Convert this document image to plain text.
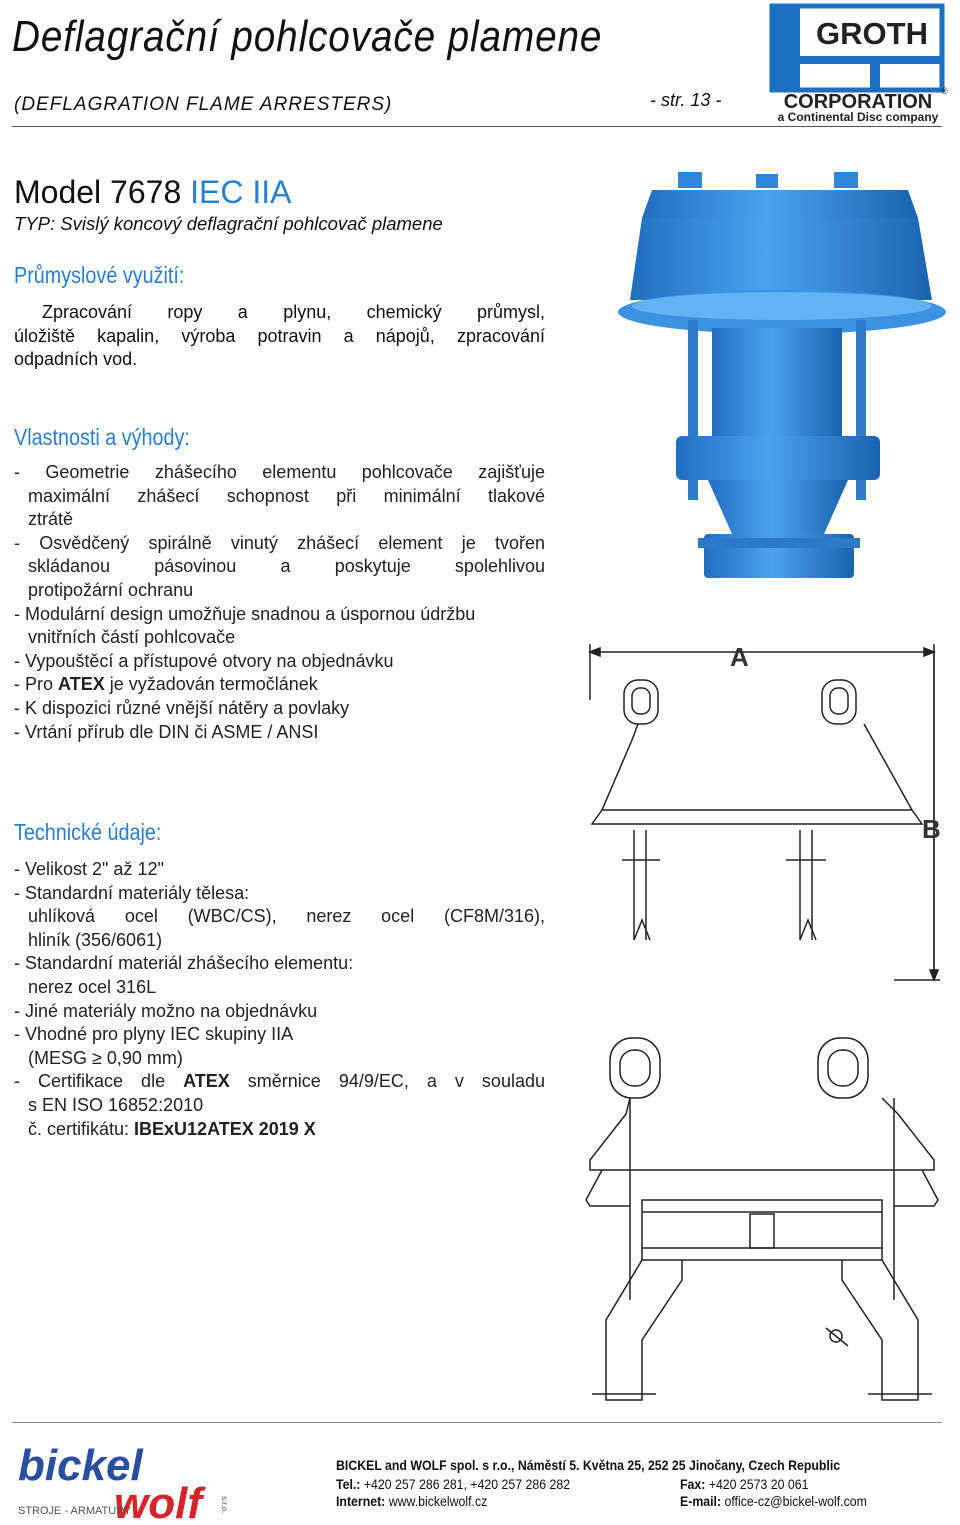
Deflagrační pohlcovače plamene
(DEFLAGRATION FLAME ARRESTERS)	- str. 13 -
GROTH
CORPORATION ®
a Continental Disc company
Model 7678 IEC IIA
TYP: Svislý koncový deflagrační pohlcovač plamene
Průmyslové využití:
Zpracování ropy a plynu, chemický průmysl,
úložiště kapalin, výroba potravin a nápojů, zpracování
odpadních vod.
Vlastnosti a výhody:
- Geometrie zhášecího elementu pohlcovače zajišťuje
maximální zhášecí schopnost při minimální tlakové
ztrátě
- Osvědčený spirálně vinutý zhášecí element je tvořen
skládanou pásovinou a poskytuje spolehlivou
protipožární ochranu
- Modulární design umožňuje snadnou a úspornou údržbu
vnitřních částí pohlcovače
- Vypouštěcí a přístupové otvory na objednávku
- Pro ATEX je vyžadován termočlánek
- K dispozici různé vnější nátěry a povlaky
- Vrtání přírub dle DIN či ASME / ANSI
Technické údaje:
- Velikost 2" až 12"
- Standardní materiály tělesa:
uhlíková ocel (WBC/CS), nerez ocel (CF8M/316),
hliník (356/6061)
- Standardní materiál zhášecího elementu:
nerez ocel 316L
- Jiné materiály možno na objednávku
- Vhodné pro plyny IEC skupiny IIA
(MESG ≥ 0,90 mm)
- Certifikace dle ATEX směrnice 94/9/EC, a v souladu
s EN ISO 16852:2010
č. certifikátu: IBExU12ATEX 2019 X
A
B
bickel
wolf
STROJE - ARMATURY	s.r.o.
BICKEL and WOLF spol. s r.o., Náměstí 5. Května 25, 252 25 Jinočany, Czech Republic
Tel.: +420 257 286 281, +420 257 286 282	Fax: +420 2573 20 061
Internet: www.bickelwolf.cz	E-mail: office-cz@bickel-wolf.com
